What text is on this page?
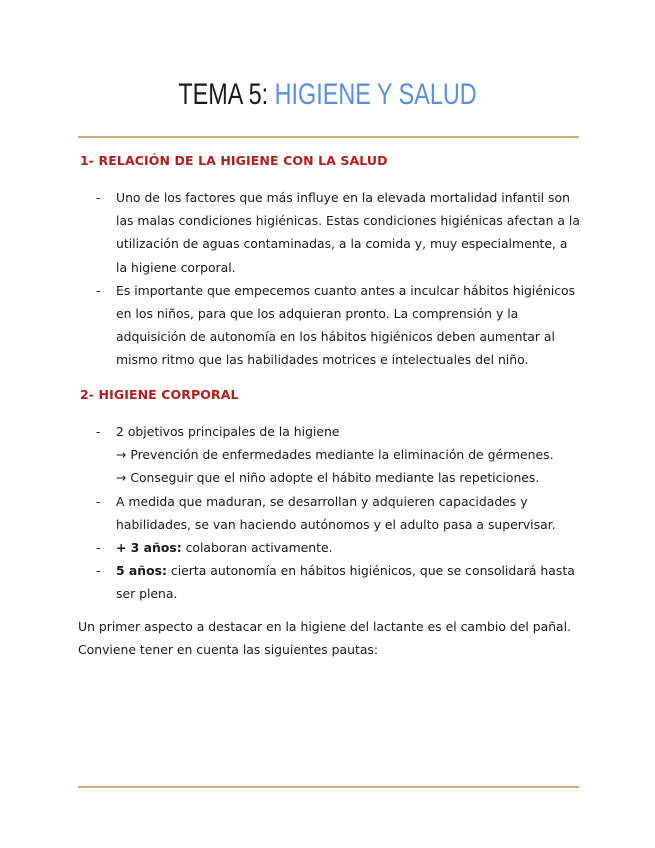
TEMA 5: HIGIENE Y SALUD
1- RELACIÓN DE LA HIGIENE CON LA SALUD
- Uno de los factores que más influye en la elevada mortalidad infantil son las malas condiciones higiénicas. Estas condiciones higiénicas afectan a la utilización de aguas contaminadas, a la comida y, muy especialmente, a la higiene corporal.
- Es importante que empecemos cuanto antes a inculcar hábitos higiénicos en los niños, para que los adquieran pronto. La comprensión y la adquisición de autonomía en los hábitos higiénicos deben aumentar al mismo ritmo que las habilidades motrices e intelectuales del niño.
2- HIGIENE CORPORAL
- 2 objetivos principales de la higiene
→ Prevención de enfermedades mediante la eliminación de gérmenes.
→ Conseguir que el niño adopte el hábito mediante las repeticiones.
- A medida que maduran, se desarrollan y adquieren capacidades y habilidades, se van haciendo autónomos y el adulto pasa a supervisar.
- + 3 años: colaboran activamente.
- 5 años: cierta autonomía en hábitos higiénicos, que se consolidará hasta ser plena.
Un primer aspecto a destacar en la higiene del lactante es el cambio del pañal.
Conviene tener en cuenta las siguientes pautas:
